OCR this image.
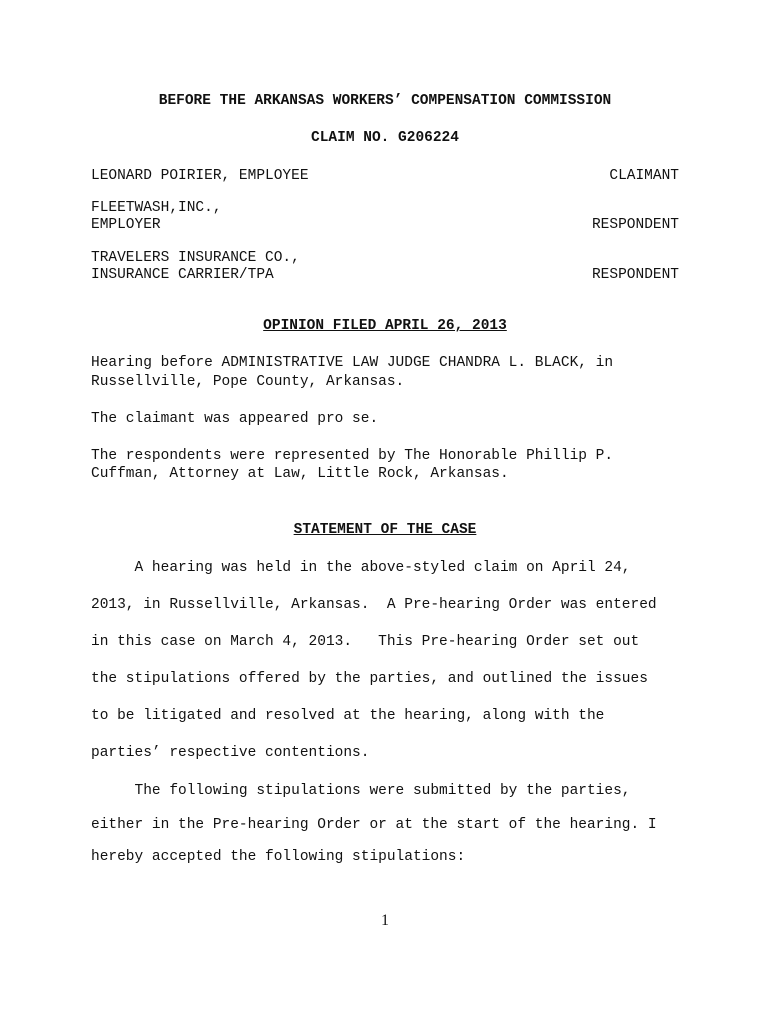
BEFORE THE ARKANSAS WORKERS’ COMPENSATION COMMISSION
CLAIM NO. G206224
LEONARD POIRIER, EMPLOYEE	CLAIMANT
FLEETWASH,INC.,
EMPLOYER	RESPONDENT
TRAVELERS INSURANCE CO.,
INSURANCE CARRIER/TPA	RESPONDENT
OPINION FILED APRIL 26, 2013
Hearing before ADMINISTRATIVE LAW JUDGE CHANDRA L. BLACK, in
Russellville, Pope County, Arkansas.
The claimant was appeared pro se.
The respondents were represented by The Honorable Phillip P.
Cuffman, Attorney at Law, Little Rock, Arkansas.
STATEMENT OF THE CASE
A hearing was held in the above-styled claim on April 24,
2013, in Russellville, Arkansas.  A Pre-hearing Order was entered
in this case on March 4, 2013.   This Pre-hearing Order set out
the stipulations offered by the parties, and outlined the issues
to be litigated and resolved at the hearing, along with the
parties’ respective contentions.
The following stipulations were submitted by the parties,
either in the Pre-hearing Order or at the start of the hearing. I
hereby accepted the following stipulations:
1
